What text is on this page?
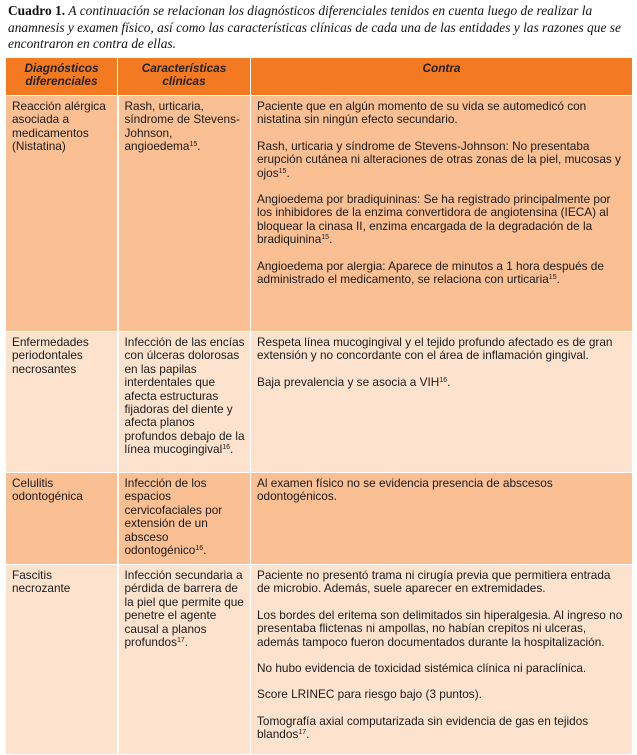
Cuadro 1. A continuación se relacionan los diagnósticos diferenciales tenidos en cuenta luego de realizar la anamnesis y examen físico, así como las características clínicas de cada una de las entidades y las razones que se encontraron en contra de ellas.
Diagnósticos diferenciales	Características clínicas	Contra

Reacción alérgica asociada a medicamentos (Nistatina)	Rash, urticaria, síndrome de Stevens-Johnson, angioedema$^{15}$.	Paciente que en algún momento de su vida se automedicó con nistatina sin ningún efecto secundario.
Rash, urticaria y síndrome de Stevens-Johnson: No presentaba erupción cutánea ni alteraciones de otras zonas de la piel, mucosas y ojos$^{15}$.
Angioedema por bradiquininas: Se ha registrado principalmente por los inhibidores de la enzima convertidora de angiotensina (IECA) al bloquear la cinasa II, enzima encargada de la degradación de la bradiquinina$^{15}$.
Angioedema por alergia: Aparece de minutos a 1 hora después de administrado el medicamento, se relaciona con urticaria$^{15}$.

Enfermedades periodontales necrosantes	Infección de las encías con úlceras dolorosas en las papilas interdentales que afecta estructuras fijadoras del diente y afecta planos profundos debajo de la línea mucogingival$^{16}$.	Respeta línea mucogingival y el tejido profundo afectado es de gran extensión y no concordante con el área de inflamación gingival.
Baja prevalencia y se asocia a VIH$^{16}$.

Celulitis odontogénica	Infección de los espacios cervicofaciales por extensión de un absceso odontogénico$^{16}$.	Al examen físico no se evidencia presencia de abscesos odontogénicos.

Fascitis necrozante	Infección secundaria a pérdida de barrera de la piel que permite que penetre el agente causal a planos profundos$^{17}$.	Paciente no presentó trama ni cirugía previa que permitiera entrada de microbio. Además, suele aparecer en extremidades.
Los bordes del eritema son delimitados sin hiperalgesia. Al ingreso no presentaba flictenas ni ampollas, no habían crepitos ni ulceras, además tampoco fueron documentados durante la hospitalización.
No hubo evidencia de toxicidad sistémica clínica ni paraclínica.
Score LRINEC para riesgo bajo (3 puntos).
Tomografía axial computarizada sin evidencia de gas en tejidos blandos$^{17}$.
